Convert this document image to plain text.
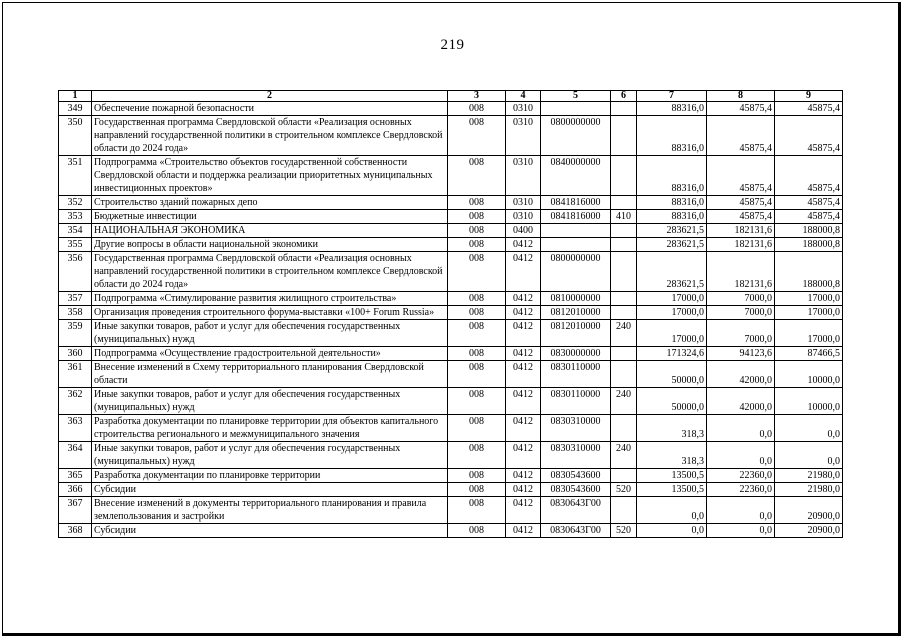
219
1	2	3	4	5	6	7	8	9
349	Обеспечение пожарной безопасности	008	0310			88316,0	45875,4	45875,4
350	Государственная программа Свердловской области «Реализация основных направлений государственной политики в строительном комплексе Свердловской области до 2024 года»	008	0310	0800000000		88316,0	45875,4	45875,4
351	Подпрограмма «Строительство объектов государственной собственности Свердловской области и поддержка реализации приоритетных муниципальных инвестиционных проектов»	008	0310	0840000000		88316,0	45875,4	45875,4
352	Строительство зданий пожарных депо	008	0310	0841816000		88316,0	45875,4	45875,4
353	Бюджетные инвестиции	008	0310	0841816000	410	88316,0	45875,4	45875,4
354	НАЦИОНАЛЬНАЯ ЭКОНОМИКА	008	0400			283621,5	182131,6	188000,8
355	Другие вопросы в области национальной экономики	008	0412			283621,5	182131,6	188000,8
356	Государственная программа Свердловской области «Реализация основных направлений государственной политики в строительном комплексе Свердловской области до 2024 года»	008	0412	0800000000		283621,5	182131,6	188000,8
357	Подпрограмма «Стимулирование развития жилищного строительства»	008	0412	0810000000		17000,0	7000,0	17000,0
358	Организация проведения строительного форума-выставки «100+ Forum Russia»	008	0412	0812010000		17000,0	7000,0	17000,0
359	Иные закупки товаров, работ и услуг для обеспечения государственных (муниципальных) нужд	008	0412	0812010000	240	17000,0	7000,0	17000,0
360	Подпрограмма «Осуществление градостроительной деятельности»	008	0412	0830000000		171324,6	94123,6	87466,5
361	Внесение изменений в Схему территориального планирования Свердловской области	008	0412	0830110000		50000,0	42000,0	10000,0
362	Иные закупки товаров, работ и услуг для обеспечения государственных (муниципальных) нужд	008	0412	0830110000	240	50000,0	42000,0	10000,0
363	Разработка документации по планировке территории для объектов капитального строительства регионального и межмуниципального значения	008	0412	0830310000		318,3	0,0	0,0
364	Иные закупки товаров, работ и услуг для обеспечения государственных (муниципальных) нужд	008	0412	0830310000	240	318,3	0,0	0,0
365	Разработка документации по планировке территории	008	0412	0830543600		13500,5	22360,0	21980,0
366	Субсидии	008	0412	0830543600	520	13500,5	22360,0	21980,0
367	Внесение изменений в документы территориального планирования и правила землепользования и застройки	008	0412	0830643Г00		0,0	0,0	20900,0
368	Субсидии	008	0412	0830643Г00	520	0,0	0,0	20900,0
